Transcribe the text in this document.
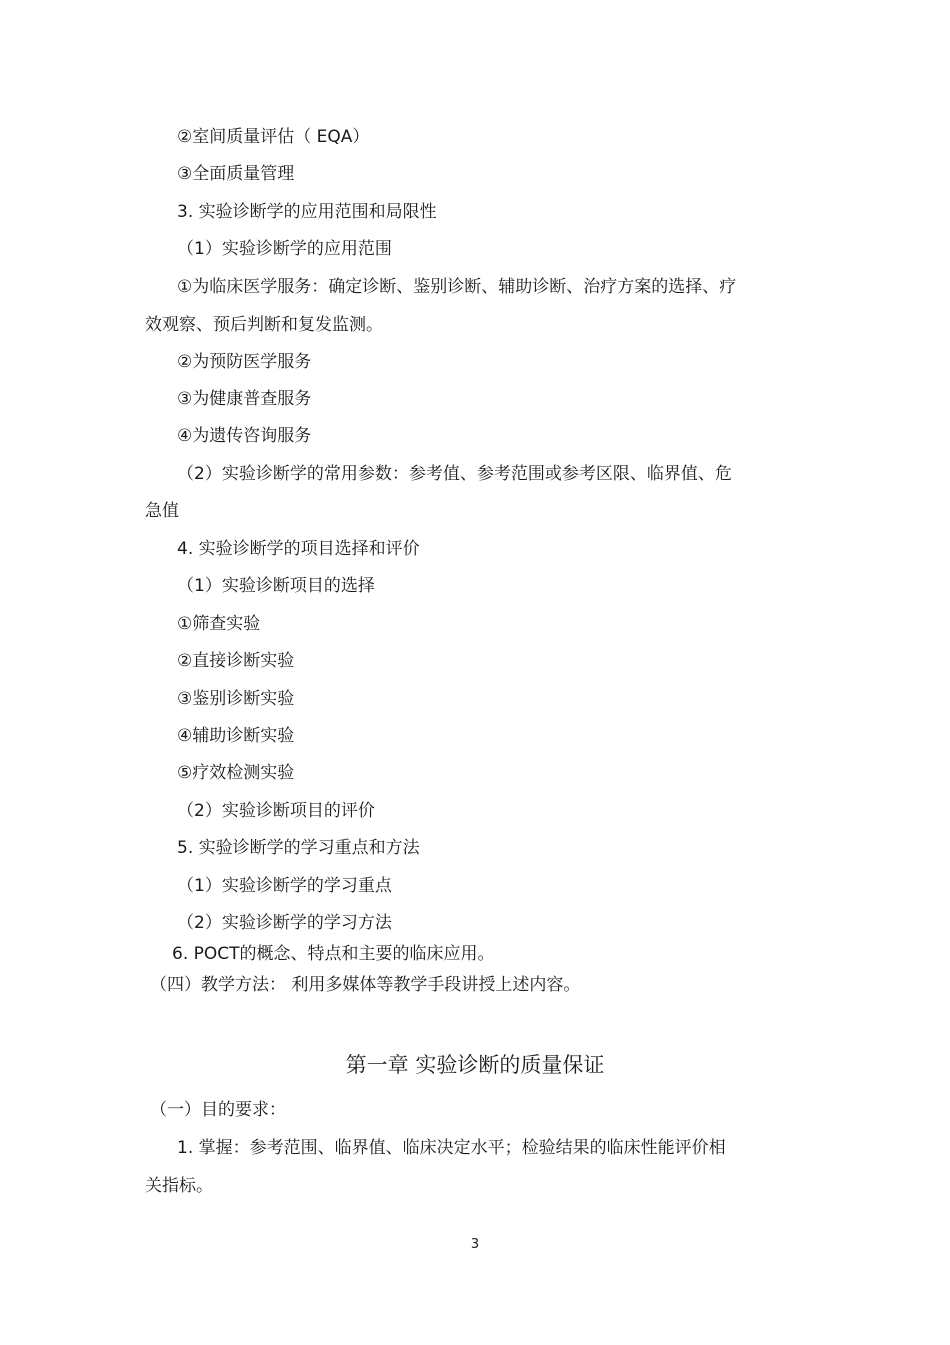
②室间质量评估（ EQA）
③全面质量管理
3. 实验诊断学的应用范围和局限性
（1）实验诊断学的应用范围
①为临床医学服务：确定诊断、鉴别诊断、辅助诊断、治疗方案的选择、疗
效观察、预后判断和复发监测。
②为预防医学服务
③为健康普查服务
④为遗传咨询服务
（2）实验诊断学的常用参数：参考值、参考范围或参考区限、临界值、危
急值
4. 实验诊断学的项目选择和评价
（1）实验诊断项目的选择
①筛查实验
②直接诊断实验
③鉴别诊断实验
④辅助诊断实验
⑤疗效检测实验
（2）实验诊断项目的评价
5. 实验诊断学的学习重点和方法
（1）实验诊断学的学习重点
（2）实验诊断学的学习方法
6. POCT的概念、特点和主要的临床应用。
（四）教学方法： 利用多媒体等教学手段讲授上述内容。
第一章 实验诊断的质量保证
（一）目的要求：
1. 掌握：参考范围、临界值、临床决定水平；检验结果的临床性能评价相
关指标。
3
